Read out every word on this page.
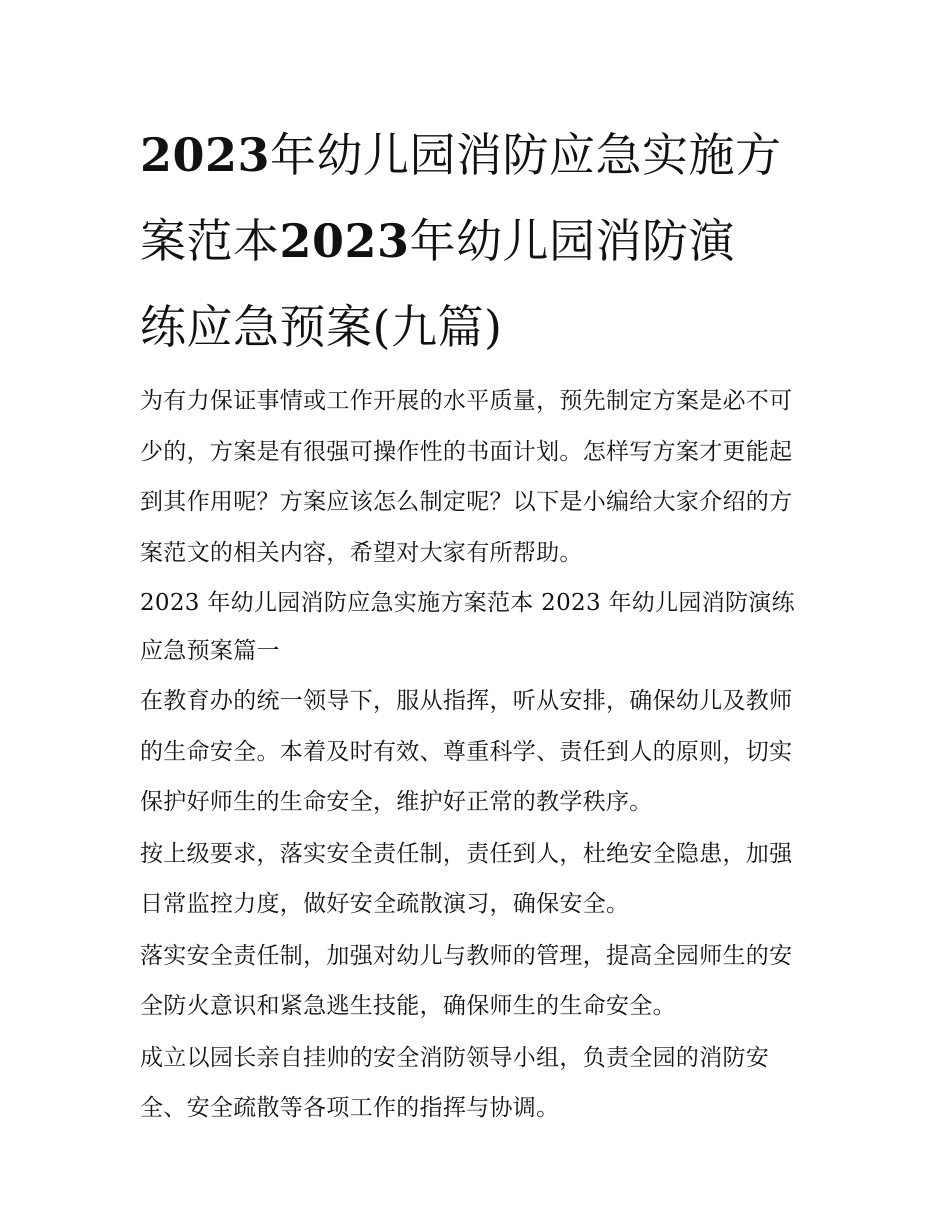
2023年幼儿园消防应急实施方
案范本2023年幼儿园消防演
练应急预案(九篇)

为有力保证事情或工作开展的水平质量，预先制定方案是必不可少的，方案是有很强可操作性的书面计划。怎样写方案才更能起到其作用呢？方案应该怎么制定呢？以下是小编给大家介绍的方案范文的相关内容，希望对大家有所帮助。

2023 年幼儿园消防应急实施方案范本 2023 年幼儿园消防演练应急预案篇一

在教育办的统一领导下，服从指挥，听从安排，确保幼儿及教师的生命安全。本着及时有效、尊重科学、责任到人的原则，切实保护好师生的生命安全，维护好正常的教学秩序。

按上级要求，落实安全责任制，责任到人，杜绝安全隐患，加强日常监控力度，做好安全疏散演习，确保安全。

落实安全责任制，加强对幼儿与教师的管理，提高全园师生的安全防火意识和紧急逃生技能，确保师生的生命安全。

成立以园长亲自挂帅的安全消防领导小组，负责全园的消防安全、安全疏散等各项工作的指挥与协调。
